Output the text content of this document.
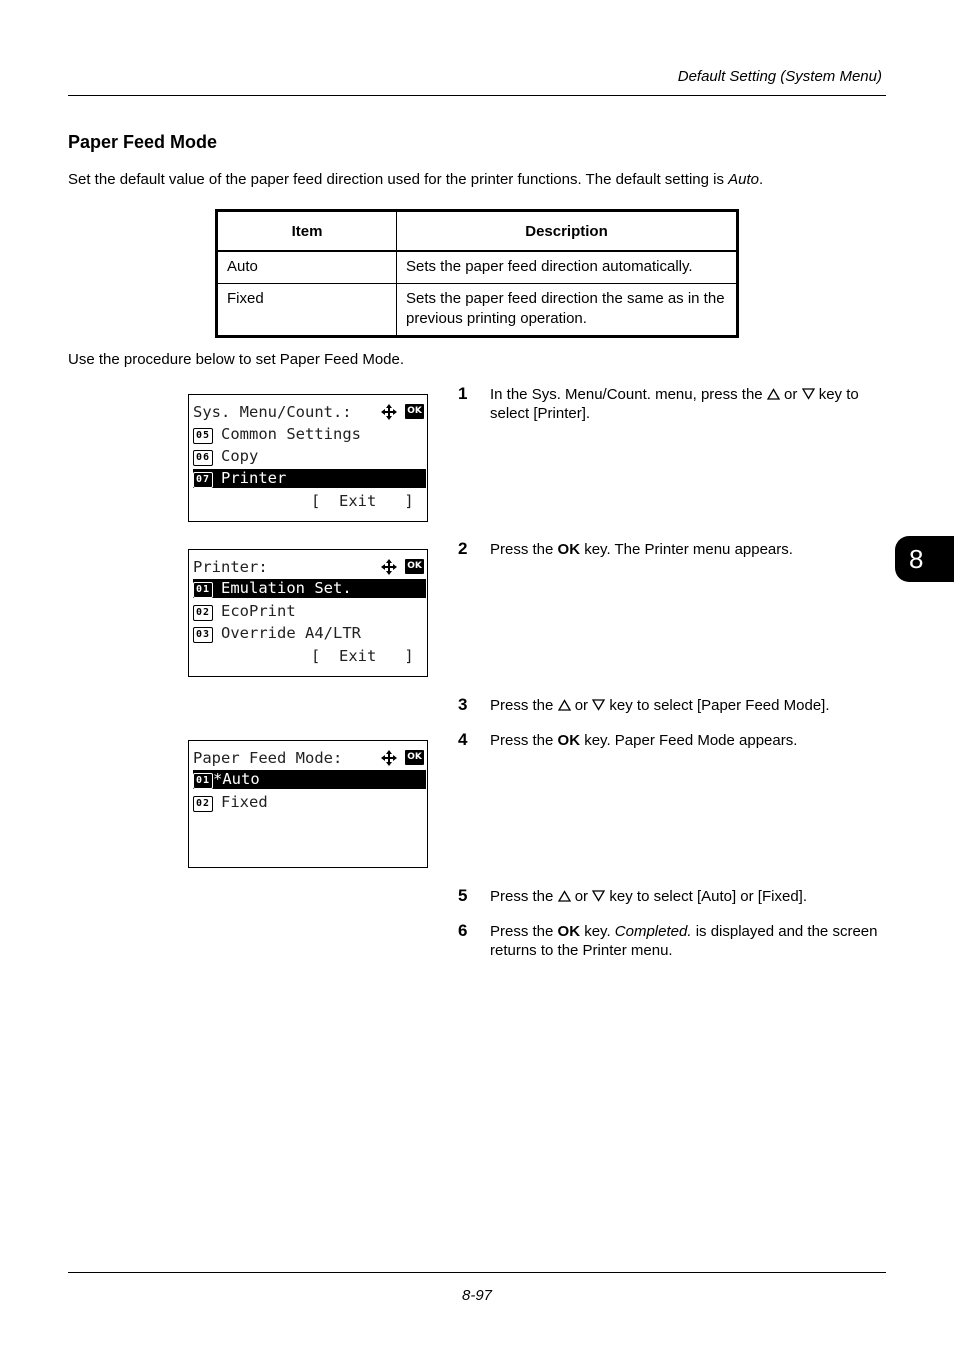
Default Setting (System Menu)
Paper Feed Mode
Set the default value of the paper feed direction used for the printer functions. The default setting is Auto.
Item	Description
Auto	Sets the paper feed direction automatically.
Fixed	Sets the paper feed direction the same as in the previous printing operation.
Use the procedure below to set Paper Feed Mode.
Sys. Menu/Count.:	OK
05 Common Settings
06 Copy
07 Printer
[  Exit   ]
Printer:	OK
01 Emulation Set.
02 EcoPrint
03 Override A4/LTR
[  Exit   ]
Paper Feed Mode:	OK
01 *Auto
02 Fixed
8
1 In the Sys. Menu/Count. menu, press the or key to select [Printer].
2 Press the OK key. The Printer menu appears.
3 Press the or key to select [Paper Feed Mode].
4 Press the OK key. Paper Feed Mode appears.
5 Press the or key to select [Auto] or [Fixed].
6 Press the OK key. Completed. is displayed and the screen returns to the Printer menu.
8-97
